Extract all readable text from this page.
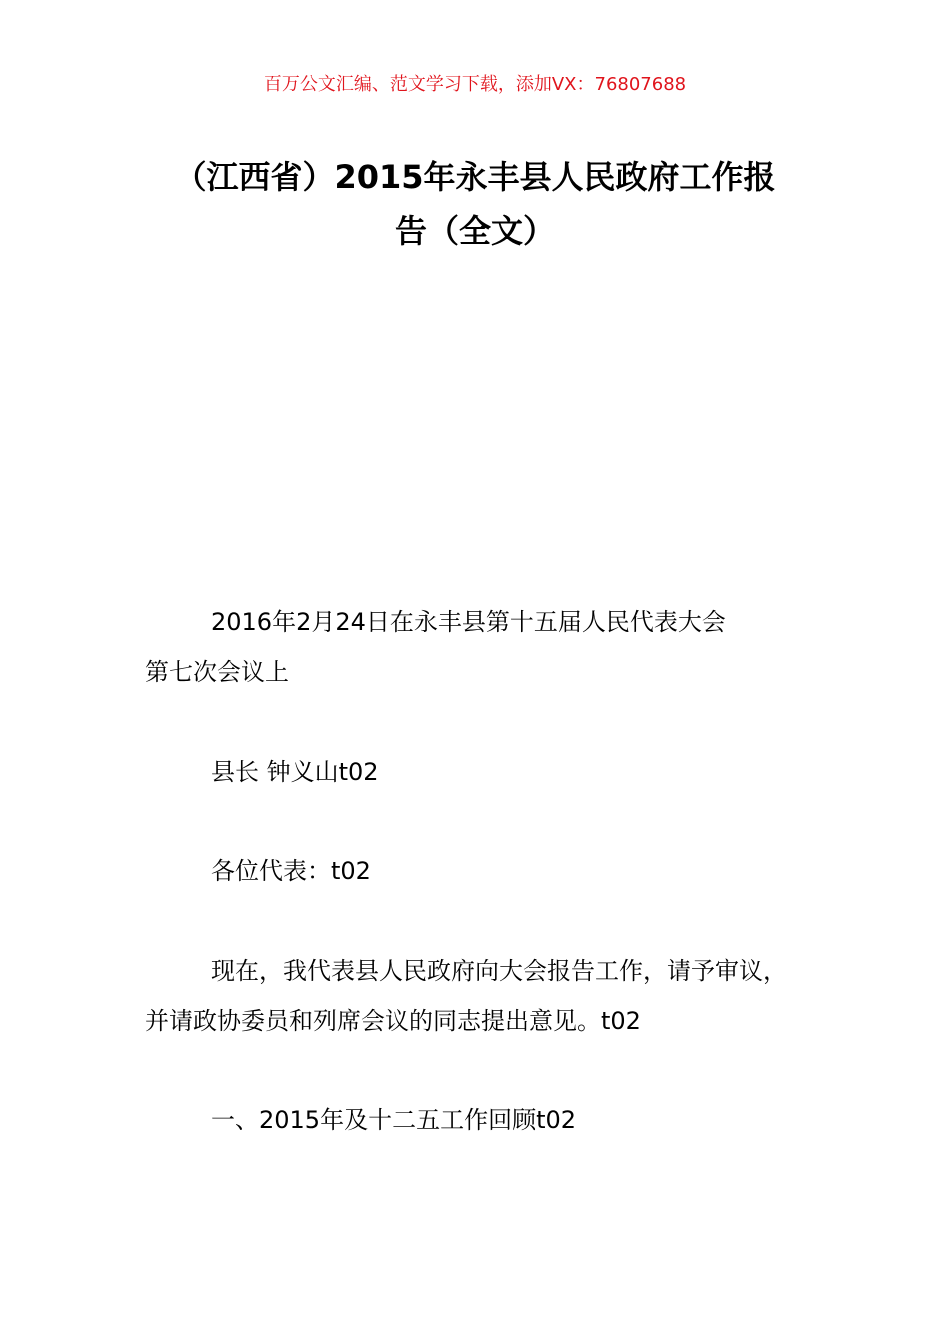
百万公文汇编、范文学习下载，添加VX：76807688
（江西省）2015年永丰县人民政府工作报
告（全文）
2016年2月24日在永丰县第十五届人民代表大会
第七次会议上
县长 钟义山t02
各位代表：t02
现在，我代表县人民政府向大会报告工作，请予审议，
并请政协委员和列席会议的同志提出意见。t02
一、2015年及十二五工作回顾t02
